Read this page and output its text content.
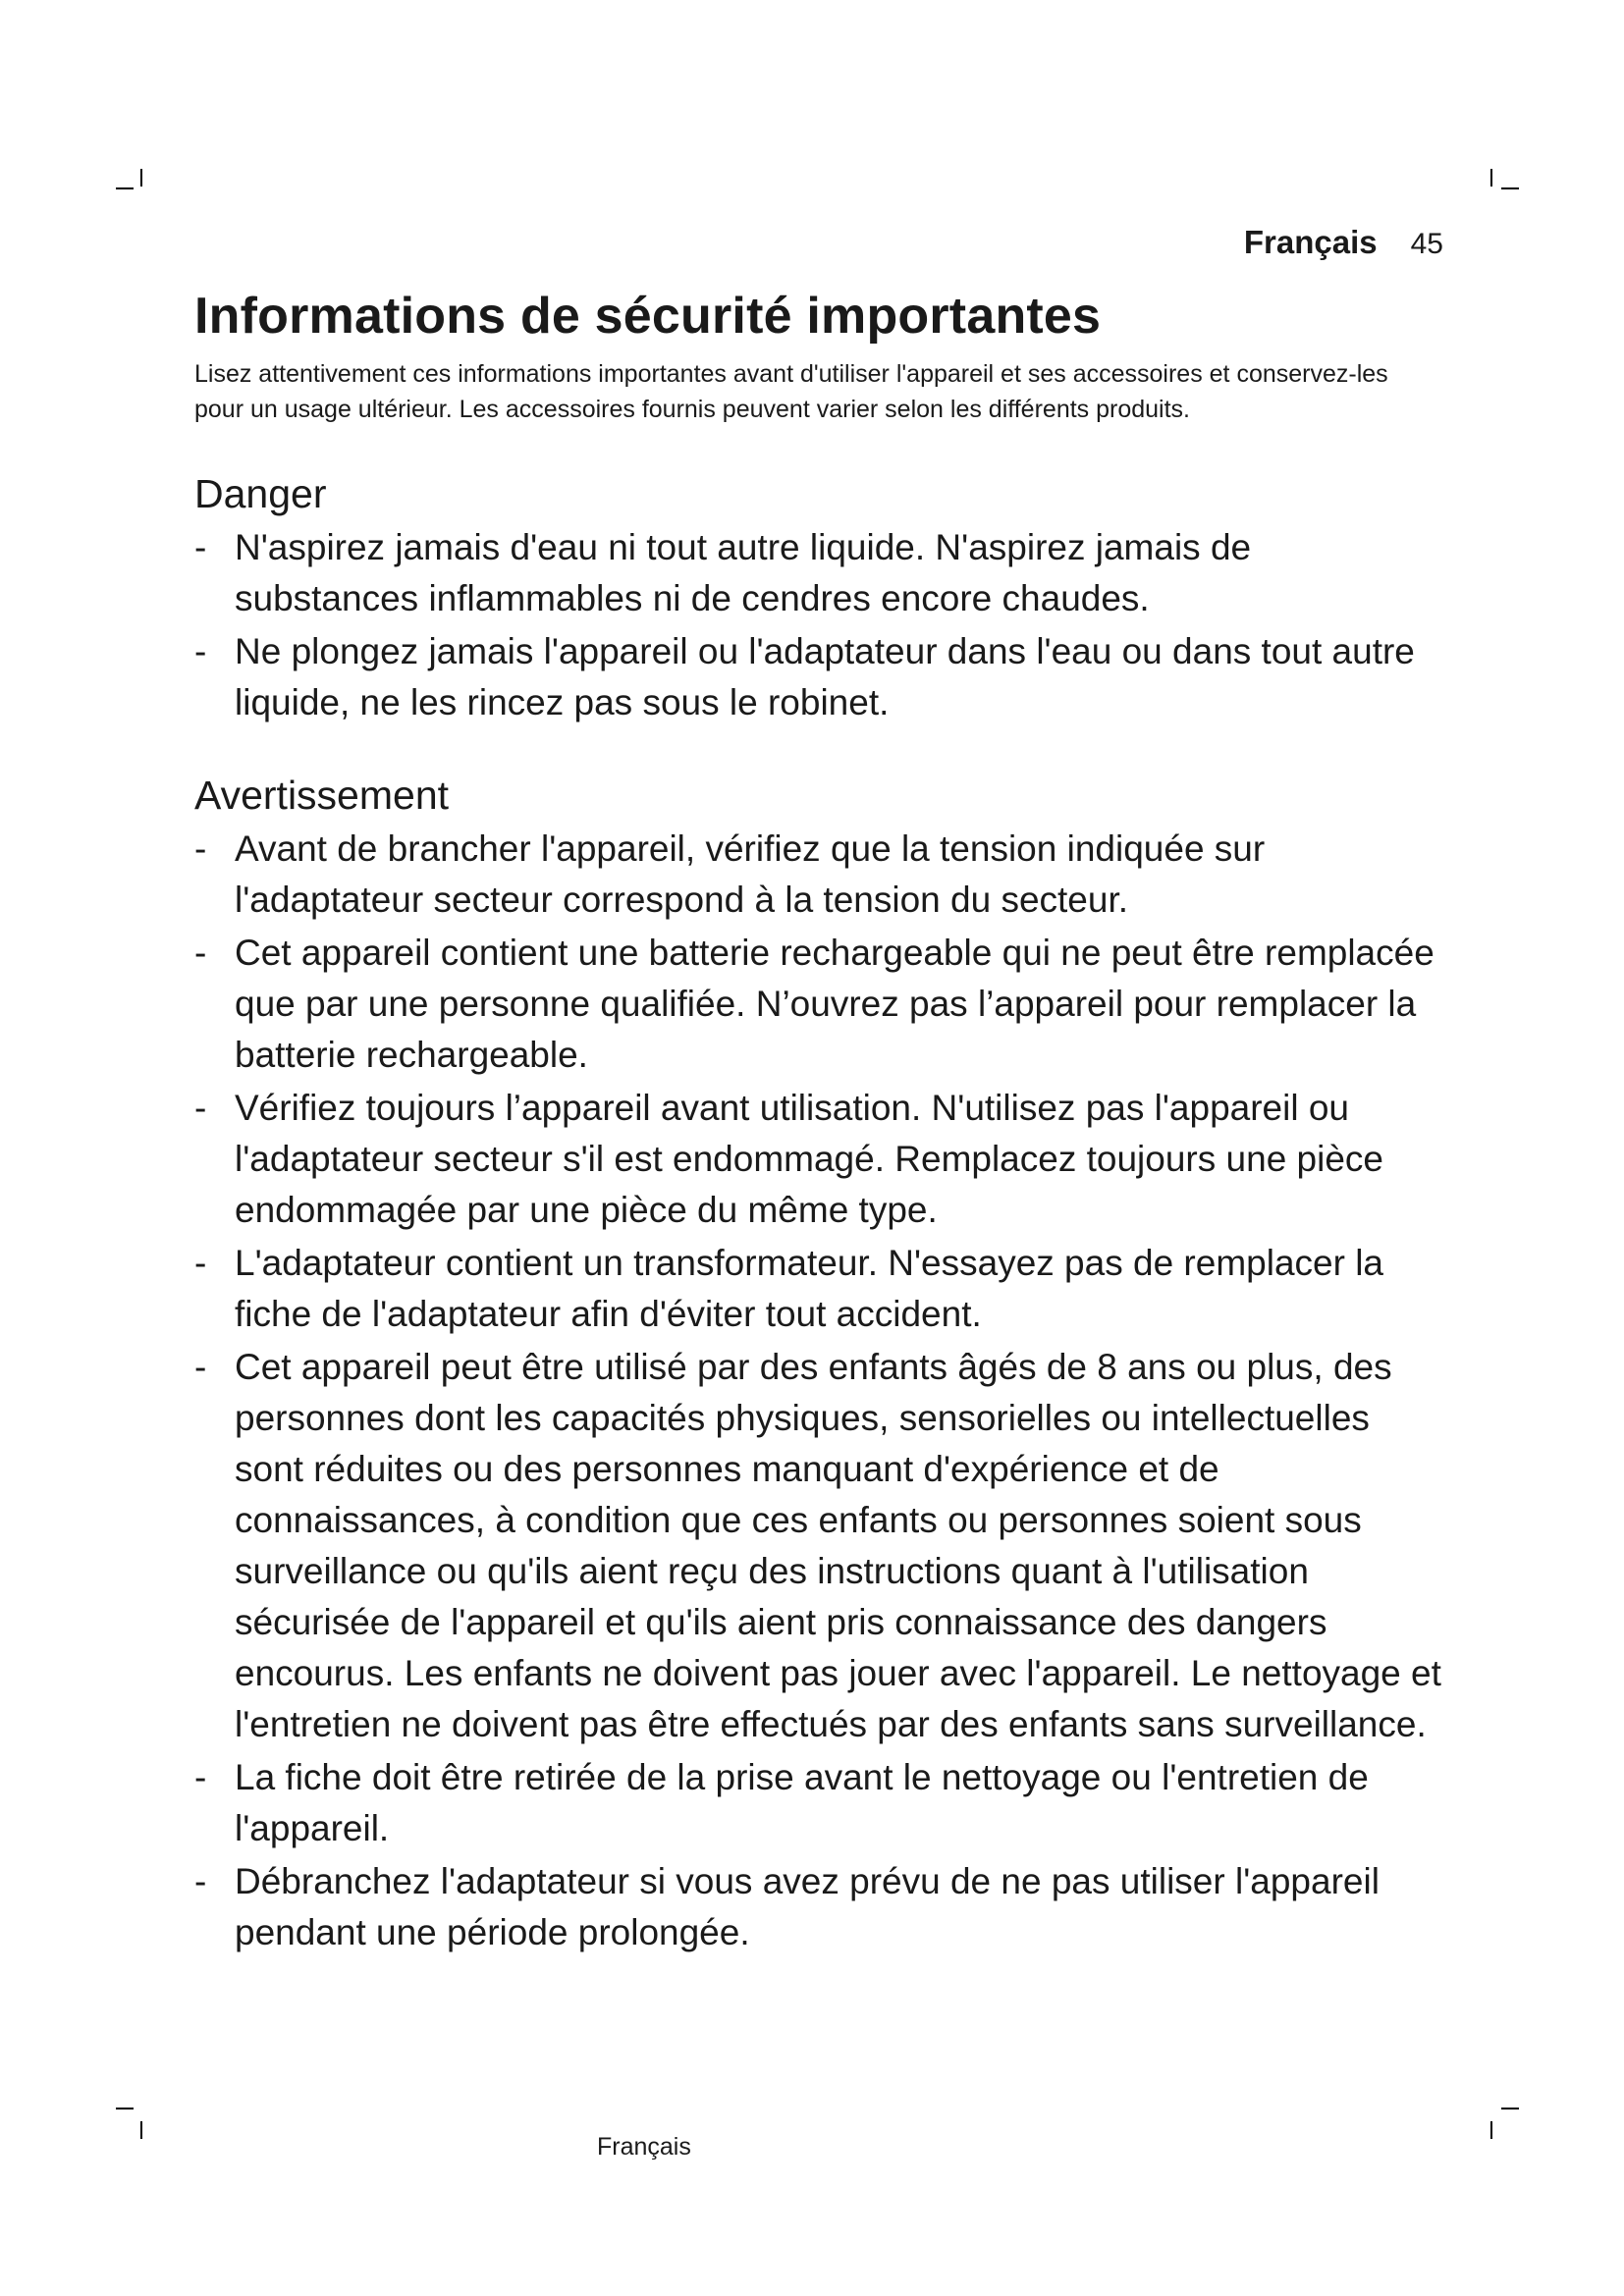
Français 45
Informations de sécurité importantes

Lisez attentivement ces informations importantes avant d'utiliser l'appareil et ses accessoires et conservez-les pour un usage ultérieur. Les accessoires fournis peuvent varier selon les différents produits.

Danger
- N'aspirez jamais d'eau ni tout autre liquide. N'aspirez jamais de substances inflammables ni de cendres encore chaudes.
- Ne plongez jamais l'appareil ou l'adaptateur dans l'eau ou dans tout autre liquide, ne les rincez pas sous le robinet.
Avertissement
- Avant de brancher l'appareil, vérifiez que la tension indiquée sur l'adaptateur secteur correspond à la tension du secteur.
- Cet appareil contient une batterie rechargeable qui ne peut être remplacée que par une personne qualifiée. N’ouvrez pas l’appareil pour remplacer la batterie rechargeable.
- Vérifiez toujours l’appareil avant utilisation. N'utilisez pas l'appareil ou l'adaptateur secteur s'il est endommagé. Remplacez toujours une pièce endommagée par une pièce du même type.
- L'adaptateur contient un transformateur. N'essayez pas de remplacer la fiche de l'adaptateur afin d'éviter tout accident.
- Cet appareil peut être utilisé par des enfants âgés de 8 ans ou plus, des personnes dont les capacités physiques, sensorielles ou intellectuelles sont réduites ou des personnes manquant d'expérience et de connaissances, à condition que ces enfants ou personnes soient sous surveillance ou qu'ils aient reçu des instructions quant à l'utilisation sécurisée de l'appareil et qu'ils aient pris connaissance des dangers encourus. Les enfants ne doivent pas jouer avec l'appareil. Le nettoyage et l'entretien ne doivent pas être effectués par des enfants sans surveillance.
- La fiche doit être retirée de la prise avant le nettoyage ou l'entretien de l'appareil.
- Débranchez l'adaptateur si vous avez prévu de ne pas utiliser l'appareil pendant une période prolongée.
Français
